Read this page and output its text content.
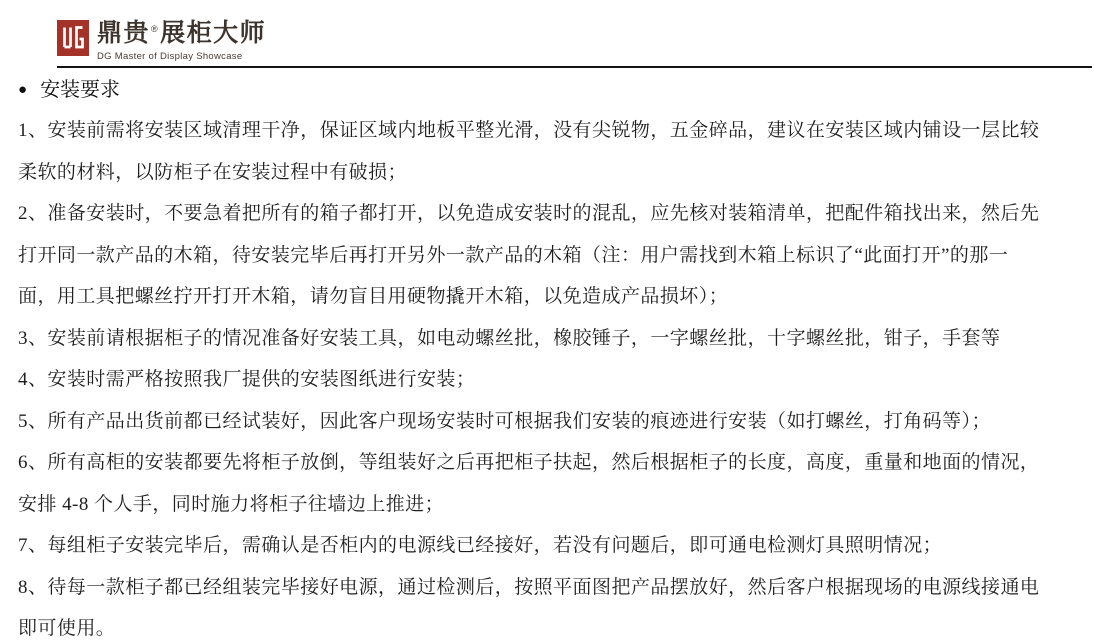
鼎贵®展柜大师
DG Master of Display Showcase
● 安装要求
1、安装前需将安装区域清理干净，保证区域内地板平整光滑，没有尖锐物，五金碎品，建议在安装区域内铺设一层比较
柔软的材料，以防柜子在安装过程中有破损；
2、准备安装时，不要急着把所有的箱子都打开，以免造成安装时的混乱，应先核对装箱清单，把配件箱找出来，然后先
打开同一款产品的木箱，待安装完毕后再打开另外一款产品的木箱（注：用户需找到木箱上标识了“此面打开”的那一
面，用工具把螺丝拧开打开木箱，请勿盲目用硬物撬开木箱，以免造成产品损坏）；
3、安装前请根据柜子的情况准备好安装工具，如电动螺丝批，橡胶锤子，一字螺丝批，十字螺丝批，钳子，手套等
4、安装时需严格按照我厂提供的安装图纸进行安装；
5、所有产品出货前都已经试装好，因此客户现场安装时可根据我们安装的痕迹进行安装（如打螺丝，打角码等）；
6、所有高柜的安装都要先将柜子放倒，等组装好之后再把柜子扶起，然后根据柜子的长度，高度，重量和地面的情况，
安排 4-8 个人手，同时施力将柜子往墙边上推进；
7、每组柜子安装完毕后，需确认是否柜内的电源线已经接好，若没有问题后，即可通电检测灯具照明情况；
8、待每一款柜子都已经组装完毕接好电源，通过检测后，按照平面图把产品摆放好，然后客户根据现场的电源线接通电
即可使用。
